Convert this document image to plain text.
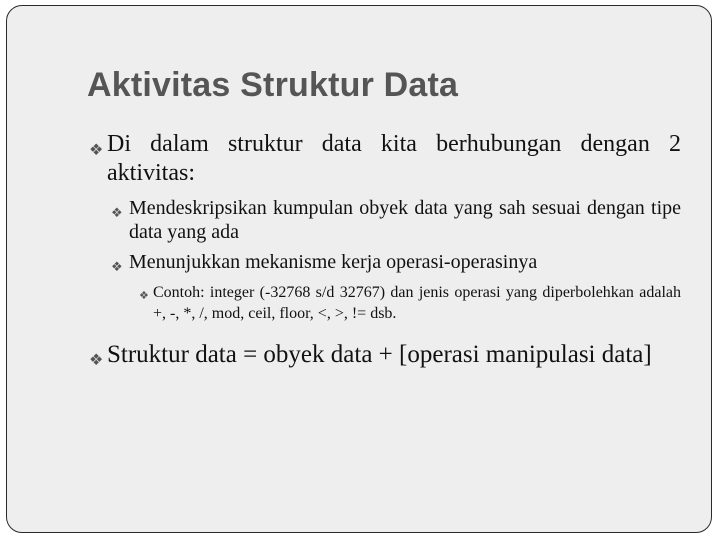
Aktivitas Struktur Data
❖ Di dalam struktur data kita berhubungan dengan 2 aktivitas:
❖ Mendeskripsikan kumpulan obyek data yang sah sesuai dengan tipe data yang ada
❖ Menunjukkan mekanisme kerja operasi-operasinya
❖ Contoh: integer (-32768 s/d 32767) dan jenis operasi yang diperbolehkan adalah +, -, *, /, mod, ceil, floor, <, >, != dsb.
❖ Struktur data = obyek data + [operasi manipulasi data]
